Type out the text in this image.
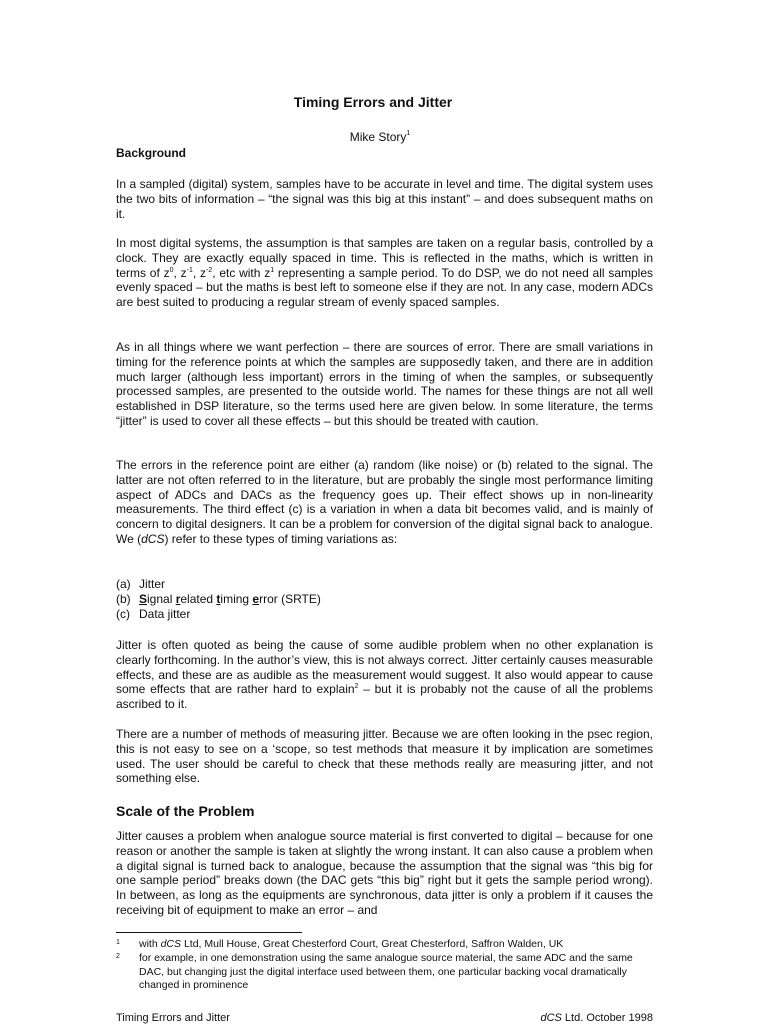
Timing Errors and Jitter

Mike Story$^1$

Background

In a sampled (digital) system, samples have to be accurate in level and time. The digital system uses the two bits of information – “the signal was this big at this instant” – and does subsequent maths on it.

In most digital systems, the assumption is that samples are taken on a regular basis, controlled by a clock. They are exactly equally spaced in time. This is reflected in the maths, which is written in terms of $z^0$, $z^{-1}$, $z^{-2}$, etc with $z^1$ representing a sample period. To do DSP, we do not need all samples evenly spaced – but the maths is best left to someone else if they are not. In any case, modern ADCs are best suited to producing a regular stream of evenly spaced samples.

As in all things where we want perfection – there are sources of error. There are small variations in timing for the reference points at which the samples are supposedly taken, and there are in addition much larger (although less important) errors in the timing of when the samples, or subsequently processed samples, are presented to the outside world. The names for these things are not all well established in DSP literature, so the terms used here are given below. In some literature, the terms “jitter” is used to cover all these effects – but this should be treated with caution.

The errors in the reference point are either (a) random (like noise) or (b) related to the signal. The latter are not often referred to in the literature, but are probably the single most performance limiting aspect of ADCs and DACs as the frequency goes up. Their effect shows up in non-linearity measurements. The third effect (c) is a variation in when a data bit becomes valid, and is mainly of concern to digital designers. It can be a problem for conversion of the digital signal back to analogue. We (dCS) refer to these types of timing variations as:

(a) Jitter
(b) Signal related timing error (SRTE)
(c) Data jitter

Jitter is often quoted as being the cause of some audible problem when no other explanation is clearly forthcoming. In the author’s view, this is not always correct. Jitter certainly causes measurable effects, and these are as audible as the measurement would suggest. It also would appear to cause some effects that are rather hard to explain$^2$ – but it is probably not the cause of all the problems ascribed to it.

There are a number of methods of measuring jitter. Because we are often looking in the psec region, this is not easy to see on a ‘scope, so test methods that measure it by implication are sometimes used. The user should be careful to check that these methods really are measuring jitter, and not something else.

Scale of the Problem

Jitter causes a problem when analogue source material is first converted to digital – because for one reason or another the sample is taken at slightly the wrong instant. It can also cause a problem when a digital signal is turned back to analogue, because the assumption that the signal was “this big for one sample period” breaks down (the DAC gets “this big” right but it gets the sample period wrong). In between, as long as the equipments are synchronous, data jitter is only a problem if it causes the receiving bit of equipment to make an error – and

1	with dCS Ltd, Mull House, Great Chesterford Court, Great Chesterford, Saffron Walden, UK
2	for example, in one demonstration using the same analogue source material, the same ADC and the same DAC, but changing just the digital interface used between them, one particular backing vocal dramatically changed in prominence

Timing Errors and Jitter	dCS Ltd. October 1998
